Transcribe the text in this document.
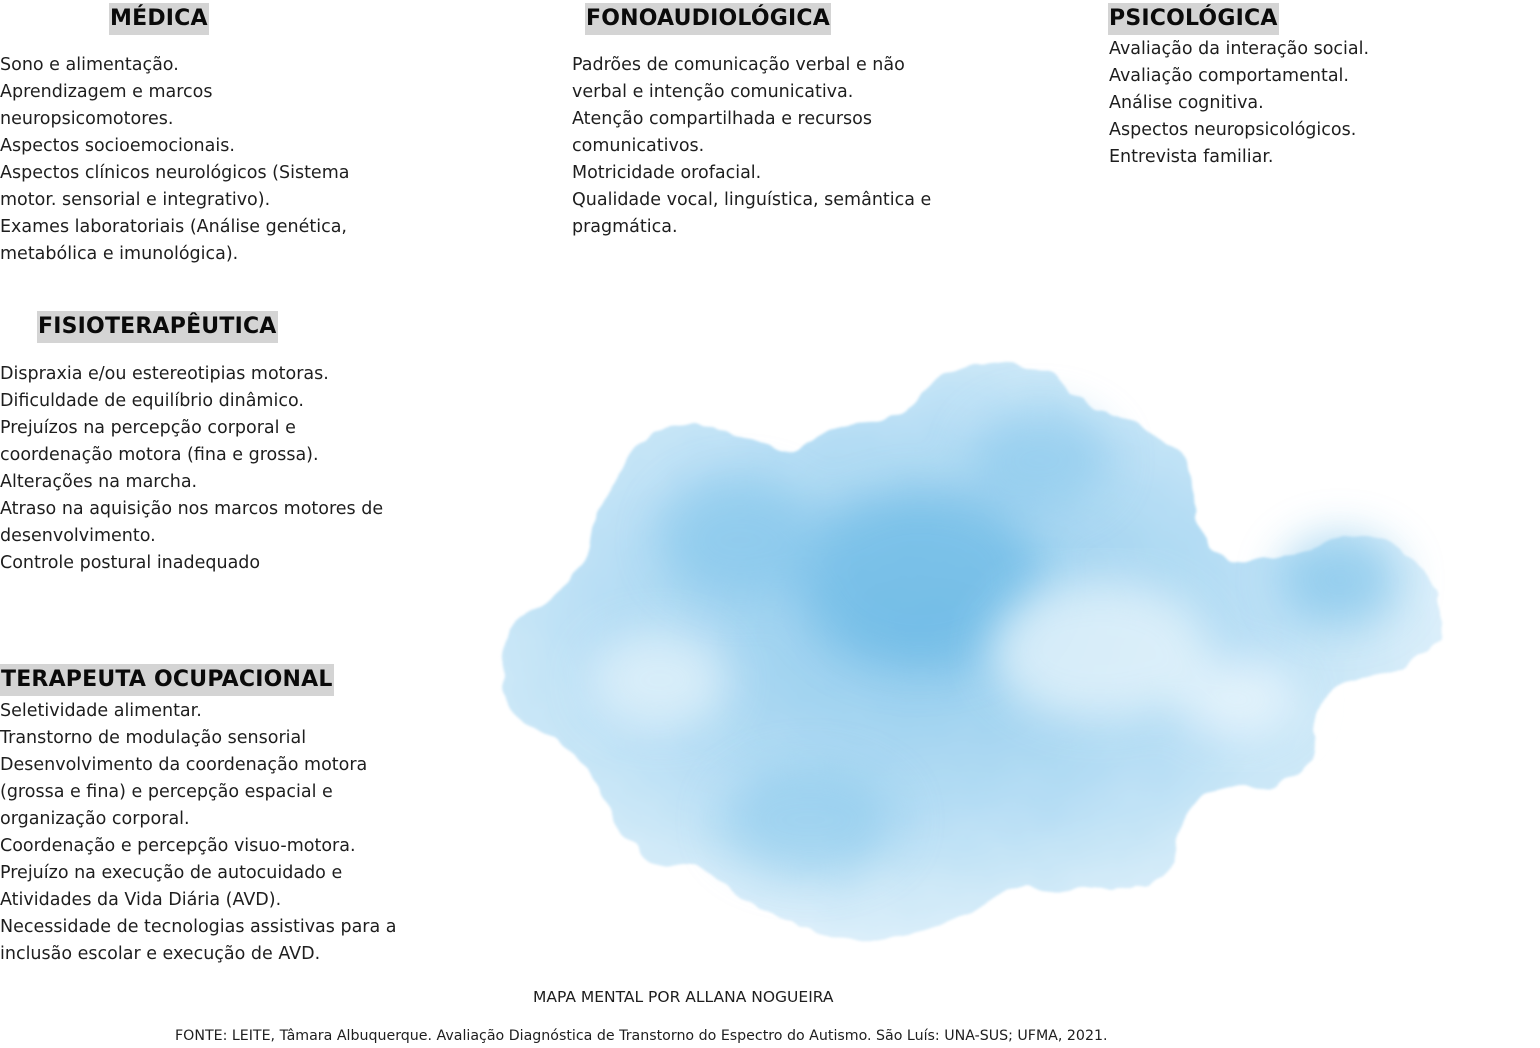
MÉDICA
Sono e alimentação.
Aprendizagem e marcos neuropsicomotores.
Aspectos socioemocionais.
Aspectos clínicos neurológicos (Sistema motor. sensorial e integrativo).
Exames laboratoriais (Análise genética, metabólica e imunológica).
FONOAUDIOLÓGICA
Padrões de comunicação verbal e não verbal e intenção comunicativa.
Atenção compartilhada e recursos comunicativos.
Motricidade orofacial.
Qualidade vocal, linguística, semântica e pragmática.
PSICOLÓGICA
Avaliação da interação social.
Avaliação comportamental.
Análise cognitiva.
Aspectos neuropsicológicos.
Entrevista familiar.
FISIOTERAPÊUTICA
Dispraxia e/ou estereotipias motoras.
Dificuldade de equilíbrio dinâmico.
Prejuízos na percepção corporal e coordenação motora (fina e grossa).
Alterações na marcha.
Atraso na aquisição nos marcos motores de desenvolvimento.
Controle postural inadequado
TERAPEUTA OCUPACIONAL
Seletividade alimentar.
Transtorno de modulação sensorial
Desenvolvimento da coordenação motora (grossa e fina) e percepção espacial e organização corporal.
Coordenação e percepção visuo-motora.
Prejuízo na execução de autocuidado e Atividades da Vida Diária (AVD).
Necessidade de tecnologias assistivas para a inclusão escolar e execução de AVD.

MAPA MENTAL POR ALLANA NOGUEIRA

FONTE: LEITE, Tâmara Albuquerque. Avaliação Diagnóstica de Transtorno do Espectro do Autismo. São Luís: UNA-SUS; UFMA, 2021.
